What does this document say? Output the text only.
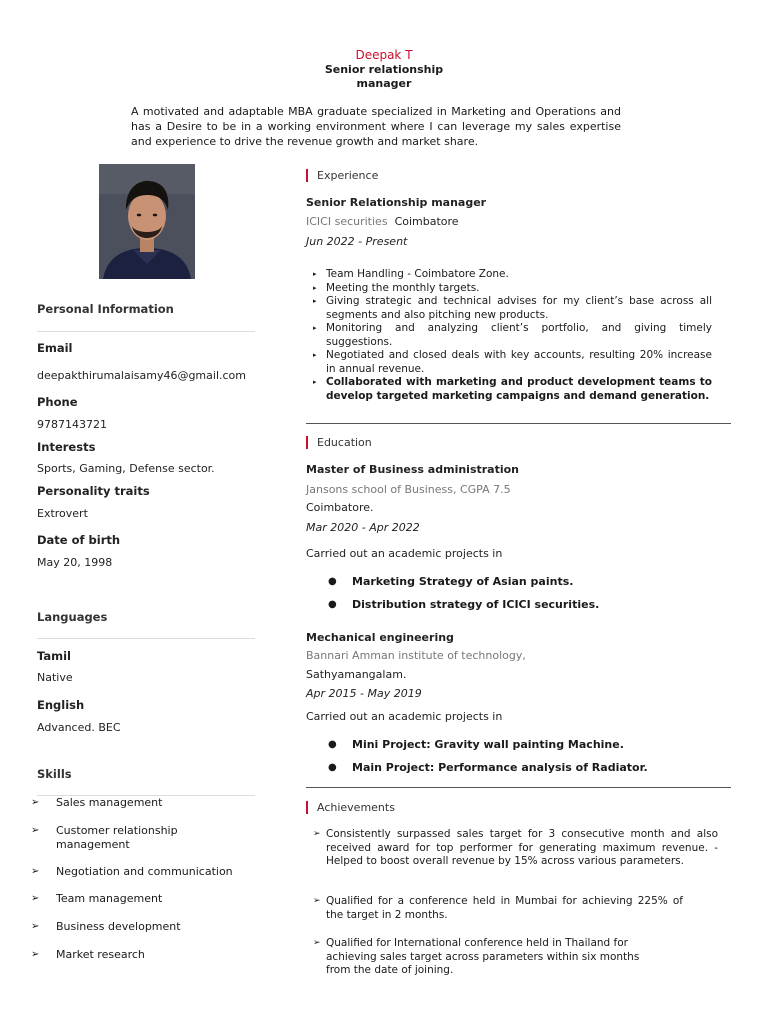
Deepak T
Senior relationship
manager
A motivated and adaptable MBA graduate specialized in Marketing and Operations and has a Desire to be in a working environment where I can leverage my sales expertise and experience to drive the revenue growth and market share.
Personal Information
Email
deepakthirumalaisamy46@gmail.com
Phone
9787143721
Interests
Sports, Gaming, Defense sector.
Personality traits
Extrovert
Date of birth
May 20, 1998
Languages
Tamil
Native
English
Advanced. BEC
Skills
➢ Sales management
➢ Customer relationship management
➢ Negotiation and communication
➢ Team management
➢ Business development
➢ Market research
Experience
Senior Relationship manager
ICICI securities Coimbatore
Jun 2022 - Present
▸ Team Handling - Coimbatore Zone.
▸ Meeting the monthly targets.
▸ Giving strategic and technical advises for my client’s base across all segments and also pitching new products.
▸ Monitoring and analyzing client’s portfolio, and giving timely suggestions.
▸ Negotiated and closed deals with key accounts, resulting 20% increase in annual revenue.
▸ Collaborated with marketing and product development teams to develop targeted marketing campaigns and demand generation.
Education
Master of Business administration
Jansons school of Business, CGPA 7.5
Coimbatore.
Mar 2020 - Apr 2022
Carried out an academic projects in
● Marketing Strategy of Asian paints.
● Distribution strategy of ICICI securities.
Mechanical engineering
Bannari Amman institute of technology,
Sathyamangalam.
Apr 2015 - May 2019
Carried out an academic projects in
● Mini Project: Gravity wall painting Machine.
● Main Project: Performance analysis of Radiator.
Achievements
➢ Consistently surpassed sales target for 3 consecutive month and also received award for top performer for generating maximum revenue. - Helped to boost overall revenue by 15% across various parameters.
➢ Qualified for a conference held in Mumbai for achieving 225% of the target in 2 months.
➢ Qualified for International conference held in Thailand for achieving sales target across parameters within six months from the date of joining.
